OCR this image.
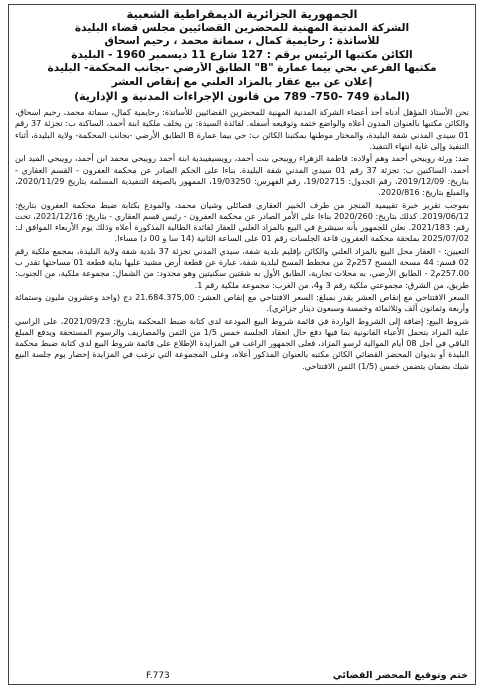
الجمهورية الجزائرية الديمقراطية الشعبية
الشركة المدنية المهنية للمحضرين القضائيين مجلس قضاء البليدة
للأساتذة : رحايمية كمال ، سماتة محمد ، رحيم اسحاق
الكائن مكتبها الرئيس برقم : 127 شارع 11 ديسمبر 1960 - البليدة
مكتبها الفرعي بحي بيما عمارة "B" الطابق الأرضي -بجانب المحكمة- البليدة
إعلان عن بيع عقار بالمزاد العلني مع إنقاص العشر
(المادة 749 -750- 789 من قانون الإجراءات المدنية و الإدارية)

نحن الأستاذ المؤهل أدناه أحد أعضاء الشركة المدنية المهنية للمحضرين القضائيين للأساتذة: رحايمية كمال، سماتة محمد، رحيم اسحاق، والكائن مكتبها بالعنوان المدون أعلاه والواضع ختمه وتوقيعه أسفله. لفائدة السيدة: بن يخلف ملكية ابنة أحمد، الساكنة ب: تجزئة 37 رقم 01 سيدي المدني شفة البليدة، والمختار موطنها بمكتبنا الكائن ب: حي بيما عمارة B الطابق الأرضي -بجانب المحكمة- ولاية البليدة، أثناء التنفيذ وإلى غاية انتهاء التنفيذ.

ضد: ورثة رويبحي أحمد وهم أولاده: فاطمة الزهراء رويبحي بنت أحمد، رويسيفيبدية ابنة أحمد رويبحي محمد ابن أحمد، رويبحي الميد ابن أحمد، الساكنين ب: تجزئة 37 رقم 01 سيدي المدني شفة البليدة. بناءا على الحكم الصادر عن محكمة العفرون - القسم العقاري - بتاريخ: 2019/12/09، رقم الجدول: 19/02715، رقم الفهرس: 19/03250، الممهور بالصيغة التنفيذية المسلمة بتاريخ 2020/11/29، والمبلغ بتاريخ: 2020/816.

بموجب تقرير خبرة تقييمية المنجز من طرف الخبير العقاري قصائلي وشيان محمد، والمودع بكتابة ضبط محكمة العفرون بتاريخ: 2019/06/12. كذلك بتاريخ: 2020/260 بناءا على الأمر الصادر عن محكمة العفرون - رئيس قسم العقاري - بتاريخ: 2021/12/16، تحت رقم: 2021/183. نعلن للجمهور بأنه سيشرع في البيع بالمزاد العلني للعقار لفائدة الطالبة المذكورة أعلاه وذلك يوم الأربعاء الموافق لـ: 2025/07/02 بملحقة محكمة العفرون قاعة الجلسات رقم 01 على الساعة الثانية (14 سا و 00 د) مساءا.

التعيين: - العقار محل البيع بالمزاد العلني والكائن بإقليم بلدية شفة، سيدي المدني تجزئة 37 بلدية شفة ولاية البليدة، بمجمع ملكية رقم 02 قسم: 44 مسحة المسح 257م2 من مخطط المسح لبلدية شفة، عبارة عن قطعة أرض مشيد عليها بناية قطعة 01 مساحتها تقدر ب 257.00م2 - الطابق الأرضي، به محلات تجارية، الطابق الأول به شقتين سكنيتين وهو محدود: من الشمال: مجموعة ملكية، من الجنوب: طريق، من الشرق: مجموعتي ملكية رقم 3 و4، من الغرب: مجموعة ملكية رقم 1.

السعر الافتتاحي مع إنقاص العشر يقدر بمبلغ: السعر الافتتاحي مع إنقاص العشر: 21.684.375,00 دج (واحد وعشرون مليون وستمائة وأربعة وثمانون ألف وثلاثمائة وخمسة وسبعون دينار جزائري).

شروط البيع: إضافة إلى الشروط الواردة في قائمة شروط البيع المودعة لدى كتابة ضبط المحكمة بتاريخ: 2021/09/23، على الراسي عليه المزاد بتحمل الأعباء القانونية بما فيها دفع حال انعقاد الجلسة خمس 1/5 من الثمن والمصاريف والرسوم المستحقة ويدفع المبلغ الباقي في أجل 08 أيام الموالية لرسو المزاد، فعلى الجمهور الراغب في المزايدة الإطلاع على قائمة شروط البيع لدى كتابة ضبط محكمة البليدة أو بديوان المحضر القضائي الكائن مكتبه بالعنوان المذكور أعلاه، وعلى المجموعة التي ترغب في المزايدة إحضار يوم جلسة البيع شيك بضمان يتضمن خمس (1/5) الثمن الافتتاحي.

ختم وتوقيع المحضر القضائي
F.773
